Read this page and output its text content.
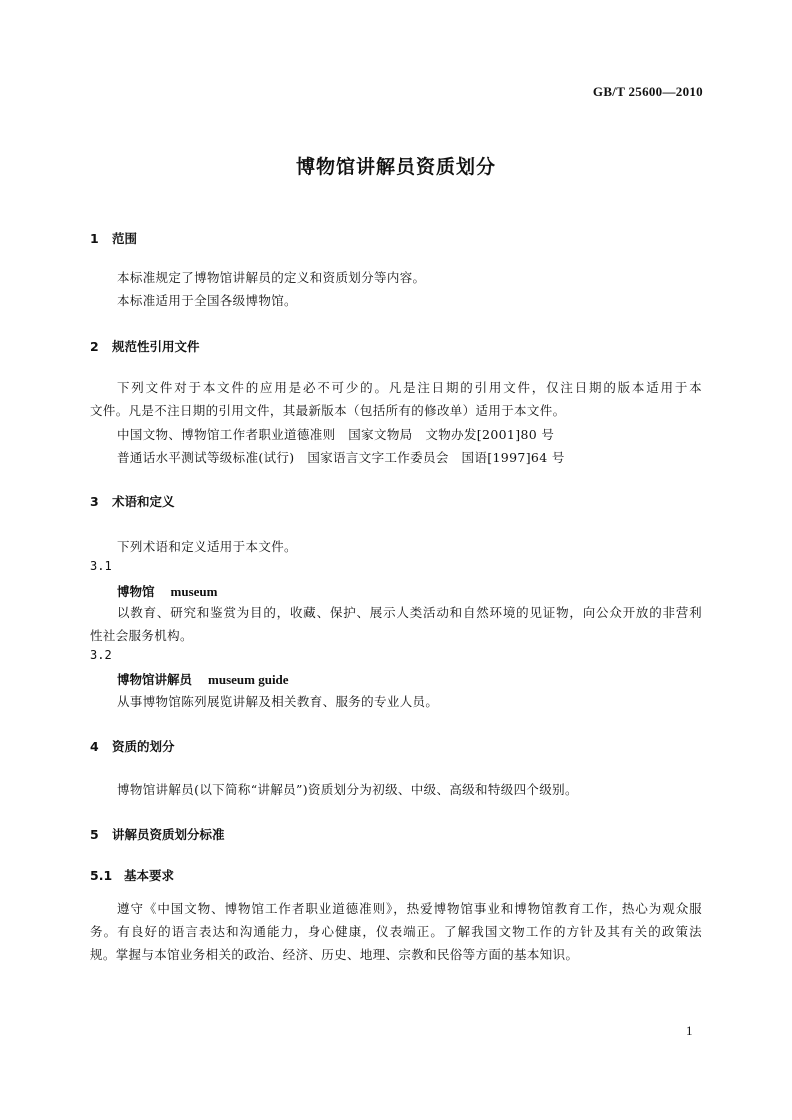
GB/T 25600—2010
博物馆讲解员资质划分
1 范围
本标准规定了博物馆讲解员的定义和资质划分等内容。
本标准适用于全国各级博物馆。
2 规范性引用文件
下列文件对于本文件的应用是必不可少的。凡是注日期的引用文件，仅注日期的版本适用于本
文件。凡是不注日期的引用文件，其最新版本（包括所有的修改单）适用于本文件。
中国文物、博物馆工作者职业道德准则　国家文物局　文物办发[2001]80 号
普通话水平测试等级标准(试行)　国家语言文字工作委员会　国语[1997]64 号
3 术语和定义
下列术语和定义适用于本文件。
3.1
博物馆 museum
以教育、研究和鉴赏为目的，收藏、保护、展示人类活动和自然环境的见证物，向公众开放的非营利
性社会服务机构。
3.2
博物馆讲解员 museum guide
从事博物馆陈列展览讲解及相关教育、服务的专业人员。
4 资质的划分
博物馆讲解员(以下简称“讲解员”)资质划分为初级、中级、高级和特级四个级别。
5 讲解员资质划分标准
5.1 基本要求
遵守《中国文物、博物馆工作者职业道德准则》，热爱博物馆事业和博物馆教育工作，热心为观众服
务。有良好的语言表达和沟通能力，身心健康，仪表端正。了解我国文物工作的方针及其有关的政策法
规。掌握与本馆业务相关的政治、经济、历史、地理、宗教和民俗等方面的基本知识。
1
